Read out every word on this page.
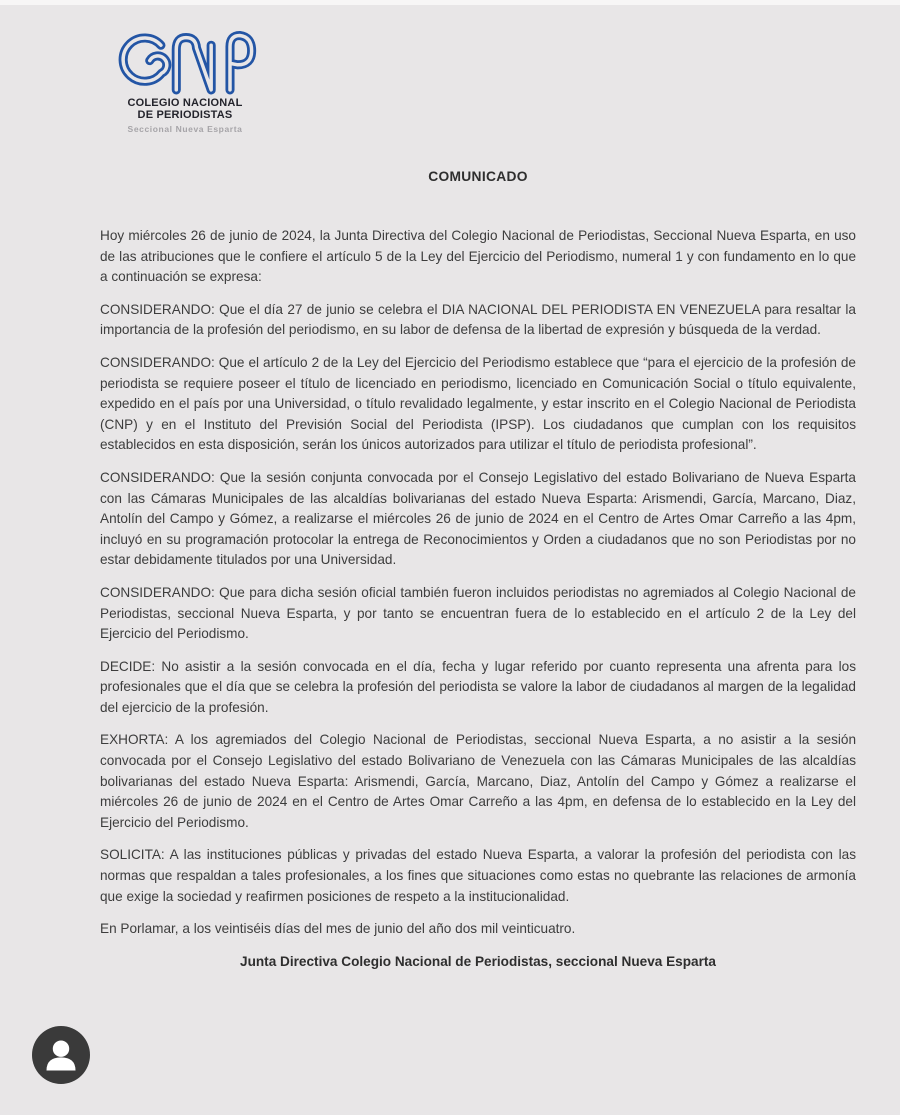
COLEGIO NACIONAL
DE PERIODISTAS
Seccional Nueva Esparta
COMUNICADO

Hoy miércoles 26 de junio de 2024, la Junta Directiva del Colegio Nacional de Periodistas, Seccional Nueva Esparta, en uso de las atribuciones que le confiere el artículo 5 de la Ley del Ejercicio del Periodismo, numeral 1 y con fundamento en lo que a continuación se expresa:

CONSIDERANDO: Que el día 27 de junio se celebra el DIA NACIONAL DEL PERIODISTA EN VENEZUELA para resaltar la importancia de la profesión del periodismo, en su labor de defensa de la libertad de expresión y búsqueda de la verdad.

CONSIDERANDO: Que el artículo 2 de la Ley del Ejercicio del Periodismo establece que “para el ejercicio de la profesión de periodista se requiere poseer el título de licenciado en periodismo, licenciado en Comunicación Social o título equivalente, expedido en el país por una Universidad, o título revalidado legalmente, y estar inscrito en el Colegio Nacional de Periodista (CNP) y en el Instituto del Previsión Social del Periodista (IPSP). Los ciudadanos que cumplan con los requisitos establecidos en esta disposición, serán los únicos autorizados para utilizar el título de periodista profesional”.

CONSIDERANDO: Que la sesión conjunta convocada por el Consejo Legislativo del estado Bolivariano de Nueva Esparta con las Cámaras Municipales de las alcaldías bolivarianas del estado Nueva Esparta: Arismendi, García, Marcano, Diaz, Antolín del Campo y Gómez, a realizarse el miércoles 26 de junio de 2024 en el Centro de Artes Omar Carreño a las 4pm, incluyó en su programación protocolar la entrega de Reconocimientos y Orden a ciudadanos que no son Periodistas por no estar debidamente titulados por una Universidad.

CONSIDERANDO: Que para dicha sesión oficial también fueron incluidos periodistas no agremiados al Colegio Nacional de Periodistas, seccional Nueva Esparta, y por tanto se encuentran fuera de lo establecido en el artículo 2 de la Ley del Ejercicio del Periodismo.

DECIDE: No asistir a la sesión convocada en el día, fecha y lugar referido por cuanto representa una afrenta para los profesionales que el día que se celebra la profesión del periodista se valore la labor de ciudadanos al margen de la legalidad del ejercicio de la profesión.

EXHORTA: A los agremiados del Colegio Nacional de Periodistas, seccional Nueva Esparta, a no asistir a la sesión convocada por el Consejo Legislativo del estado Bolivariano de Venezuela con las Cámaras Municipales de las alcaldías bolivarianas del estado Nueva Esparta: Arismendi, García, Marcano, Diaz, Antolín del Campo y Gómez a realizarse el miércoles 26 de junio de 2024 en el Centro de Artes Omar Carreño a las 4pm, en defensa de lo establecido en la Ley del Ejercicio del Periodismo.

SOLICITA: A las instituciones públicas y privadas del estado Nueva Esparta, a valorar la profesión del periodista con las normas que respaldan a tales profesionales, a los fines que situaciones como estas no quebrante las relaciones de armonía que exige la sociedad y reafirmen posiciones de respeto a la institucionalidad.

En Porlamar, a los veintiséis días del mes de junio del año dos mil veinticuatro.

Junta Directiva Colegio Nacional de Periodistas, seccional Nueva Esparta
